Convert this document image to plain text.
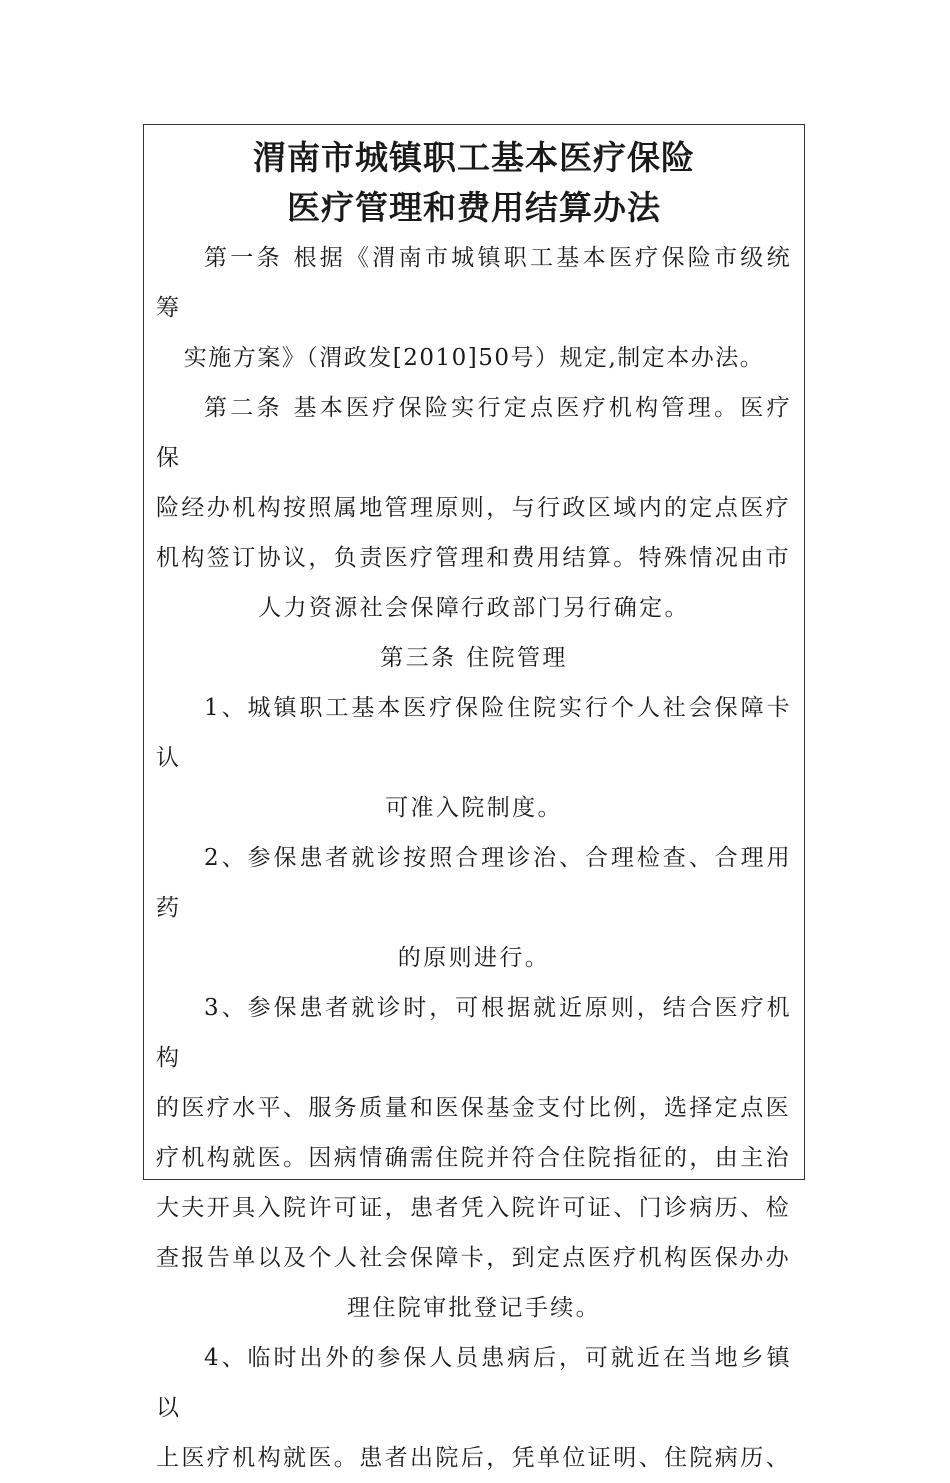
渭南市城镇职工基本医疗保险
医疗管理和费用结算办法

第一条 根据《渭南市城镇职工基本医疗保险市级统筹

实施方案》（渭政发[2010]50号）规定,制定本办法。

第二条 基本医疗保险实行定点医疗机构管理。医疗保

险经办机构按照属地管理原则，与行政区域内的定点医疗

机构签订协议，负责医疗管理和费用结算。特殊情况由市

人力资源社会保障行政部门另行确定。

第三条 住院管理

1、城镇职工基本医疗保险住院实行个人社会保障卡认

可准入院制度。

2、参保患者就诊按照合理诊治、合理检查、合理用药

的原则进行。

3、参保患者就诊时，可根据就近原则，结合医疗机构

的医疗水平、服务质量和医保基金支付比例，选择定点医

疗机构就医。因病情确需住院并符合住院指征的，由主治

大夫开具入院许可证，患者凭入院许可证、门诊病历、检

查报告单以及个人社会保障卡，到定点医疗机构医保办办

理住院审批登记手续。

4、临时出外的参保人员患病后，可就近在当地乡镇以

上医疗机构就医。患者出院后，凭单位证明、住院病历、
